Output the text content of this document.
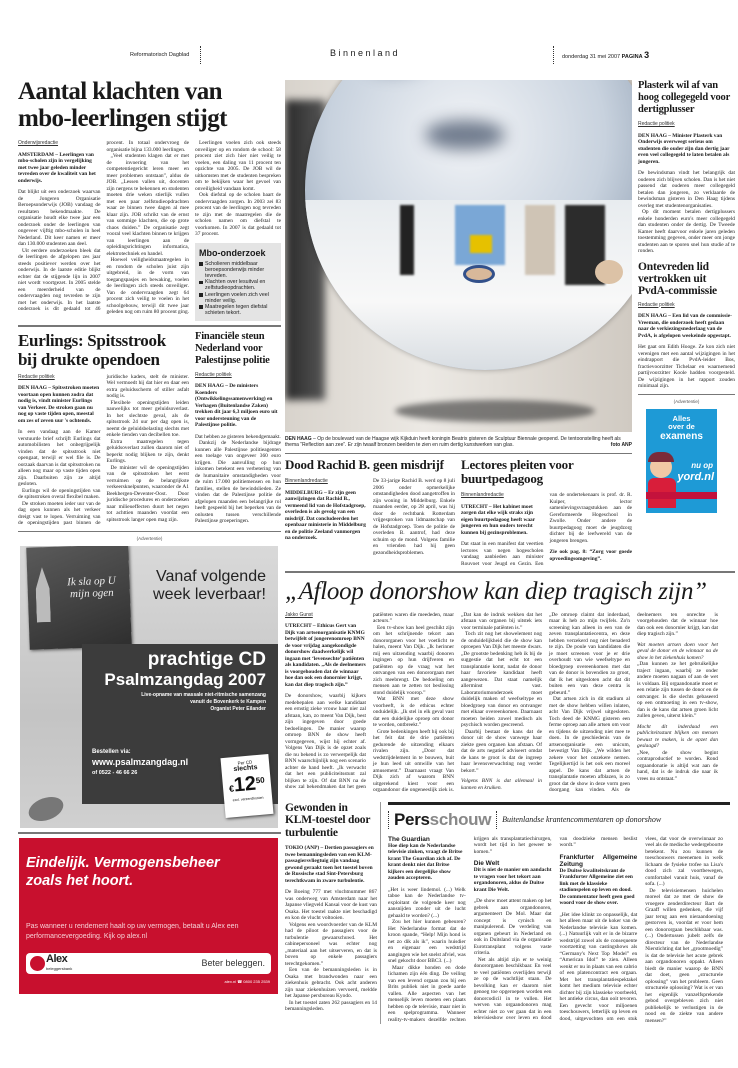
Reformatorisch Dagblad	Binnenland	donderdag 31 mei 2007 PAGINA 3
Aantal klachten van
mbo-leerlingen stijgt
Onderwijsredactie

AMSTERDAM – Leerlingen van mbo-scholen zijn in vergelijking met twee jaar geleden minder tevreden over de kwaliteit van het onderwijs.

Dat blijkt uit een onderzoek waarvan de Jongeren Organisatie Beroepsonderwijs (JOB) vandaag de resultaten bekendmaakte. De organisatie houdt elke twee jaar een onderzoek onder de leerlingen van ongeveer vijftig mbo-scholen in heel Nederland. Dit keer namen er meer dan 130.000 studenten aan deel.

Uit eerdere onderzoeken bleek dat de leerlingen de afgelopen zes jaar steeds positiever werden over het onderwijs. In de laatste editie blijkt echter dat de stijgende lijn in 2007 niet wordt voortgezet. In 2005 stelde een meerderheid van de ondervraagden nog tevreden te zijn met het onderwijs. In het laatste onderzoek is dit gedaald tot 46 procent. In totaal ondervroeg de organisatie bijna 133.000 leerlingen.

„Veel studenten klagen dat er met de invoering van het competentiegericht leren meer en meer problemen ontstaan”, aldus de JOB. „Lessen vallen uit, docenten zijn nergens te bekennen en studenten moeten drie weken stierlijk vullen met een paar zelfstudieopdrachten waar ze binnen twee dagen al mee klaar zijn. JOB schrikt van de ernst van sommige klachten, die op grote chaos duiden.” De organisatie zegt vooral veel klachten binnen te krijgen van leerlingen aan de opleidingsrichtingen informatica, elektrotechniek en handel.

Hoewel veiligheidsmaatregelen in en rondom de scholen juist zijn uitgebreid, in de vorm van toegangspasjes en bewaking, voelen de leerlingen zich steeds onveiliger. Van de ondervraagden zegt 64 procent zich veilig te voelen in het schoolgebouw, terwijl dit twee jaar geleden nog om ruim 80 procent ging.

Leerlingen voelen zich ook steeds onveiliger op en rondom de school: 58 procent ziet zich hier niet veilig te voelen, een daling van 11 procent ten opzichte van 2005. De JOB wil de uitkomsten met de studenten bespreken om te bekijken waar het gevoel van onveiligheid vandaan komt.

Ook diefstal op de scholen baart de ondervraagden zorgen. In 2003 zei 83 procent van de leerlingen nog tevreden te zijn met de maatregelen die de scholen namen om diefstal te voorkomen. In 2007 is dat gedaald tot 37 procent.

Mbo-onderzoek
Scholieren middelbaar beroepsonderwijs minder tevreden.
Klachten over lesuitval en zelfstudieopdrachten.
Leerlingen voelen zich veel minder veilig.
Maatregelen tegen diefstal schieten tekort.
Eurlings: Spitsstrook
bij drukte opendoen
Redactie politiek

DEN HAAG – Spitsstroken moeten voortaan open kunnen zodra dat nodig is, vindt minister Eurlings van Verkeer. De stroken gaan nu nog op vaste tijden open, meestal om zes of zeven uur 's ochtends.

In een vandaag aan de Kamer verstuurde brief schrijft Eurlings dat automobilisten het onbegrijpelijk vinden dat de spitsstrook niet opengaat, terwijl er wel file is. De oorzaak daarvan is dat spitsstroken nu alleen nog maar op vaste tijden open zijn. Daarbuiten zijn ze altijd gesloten.

Eurlings wil de openingstijden van de spitsstroken overal flexibel maken.

De stroken moeten ieder uur van de dag open kunnen als het verkeer dreigt vast te lopen. Verruiming van de openingstijden past binnen de juridische kaders, stelt de minister. Wel vermoedt hij dat hier en daar een extra geluidsscherm of stiller asfalt nodig is.

Flexibele openingstijden leiden nauwelijks tot meer geluidsoverlast. In het slechtste geval, als de spitsstrook 24 uur per dag open is, neemt de geluidsbelasting slechts met enkele tienden van decibellen toe.

Extra maatregelen tegen geluidsoverlast zullen daarom niet of beperkt nodig blijken te zijn, denkt Eurlings.

De minister wil de openingstijden van de spitsstroken het eerst verruimen op de belangrijkste verkeersknelpunten, waaronder de A1 Beekbergen-Deventer-Oost. Door juridische procedures en onderzoeken naar milieueffecten duurt het negen tot achttien maanden voordat een spitsstrook langer open mag zijn.

Financiële steun Nederland voor Palestijnse politie
Redactie politiek

DEN HAAG – De ministers Koenders (Ontwikkelingssamenwerking) en Verhagen (Buitenlandse Zaken) trekken dit jaar 6,3 miljoen euro uit voor ondersteuning van de Palestijnse politie.

Dat hebben ze gisteren bekendgemaakt.

Dankzij de Nederlandse bijdrage kunnen alle Palestijnse politieagenten een toelage van ongeveer 360 euro krijgen. Die aanvulling op hun inkomen betekent een verbetering van de humanitaire omstandigheden voor de ruim 17.000 politiemensen en hun families, stellen de bewindslieden. Ze vinden dat de Palestijnse politie de afgelopen maanden een belangrijke rol heeft gespeeld bij het beperken van de onlusten tussen verschillende Palestijnse groeperingen.

(Advertentie)
Ik sla op U mijn ogen
Vanaf volgende week leverbaar!
prachtige CD
Psalmzangdag 2007
Live-opname van massale niet-ritmische samenzang
vanuit de Bovenkerk te Kampen
Organist Peter Eilander
Bestellen via:
www.psalmzangdag.nl
of 0522 - 46 66 26
Per CD
slechts
$€12^{50}$
excl. verzendkosten
Eindelijk. Vermogensbeheer
zoals het hoort.
Pas wanneer u rendement haalt op uw vermogen, betaalt u Alex een performancevergoeding. Kijk op alex.nl
Alex
beleggersbank
Beter beleggen.
alex.nl ☎ 0800 235 2539
DEN HAAG – Op de boulevard van de Haagse wijk Kijkduin heeft koningin Beatrix gisteren de Sculptuur Biennale geopend. De tentoonstelling heeft als thema “Reflection aan zee”. Er zijn twaalf bronzen beelden te zien en ruim dertig kunstwerken van glas.	foto ANP
Dood Rachid B. geen misdrijf
Binnenlandredactie

MIDDELBURG – Er zijn geen aanwijzingen dat Rachid B., vermeend lid van de Hofstadgroep, overleden is als gevolg van een misdrijf. Dat concludeerden het openbaar ministerie in Middelburg en de politie Zeeland vanmorgen na onderzoek.

De 33-jarige Rachid B. werd op 8 juli 2006 onder opmerkelijke omstandigheden dood aangetroffen in zijn woning in Middelburg. Enkele maanden eerder, op 28 april, was hij door de rechtbank Rotterdam vrijgesproken van lidmaatschap van de Hofstadgroep. Toen de politie de overleden B. aantrof, had deze schuim op de mond. Volgens familie en vrienden had hij geen gezondheidsproblemen.

Lectores pleiten voor buurtpedagoog
Binnenlandredactie

UTRECHT – Het kabinet moet zorgen dat elke wijk straks zijn eigen buurtpedagoog heeft waar jongeren en hun ouders terecht kunnen bij gezinsproblemen.

Dat staat in een manifest dat veertien lectores van negen hogescholen vandaag aanbieden aan minister Rouvoet voor Jeugd en Gezin. Een van de ondertekenaars is prof. dr. R. Kuiper, lector samenlevingsvraagstukken aan de Gereformeerde Hogeschool in Zwolle. Onder andere de buurtpedagoog moet de jeugdzorg dichter bij de leefwereld van de jongeren brengen.

Zie ook pag. 8: “Zorg voor goede opvoedingsomgeving”.

Plasterk wil af van hoog collegegeld voor dertigplusser
Redactie politiek

DEN HAAG – Minister Plasterk van Onderwijs overweegt serieus om studenten die ouder zijn dan dertig jaar even veel collegegeld te laten betalen als jongeren.

De bewindsman vindt het belangrijk dat ouderen zich blijven scholen. Dan is het niet passend dat ouderen meer collegegeld betalen dan jongeren, zo verklaarde de bewindsman gisteren in Den Haag tijdens overleg met studentenorganisaties.

Op dit moment betalen dertigplussers enkele honderden euro's meer collegegeld dan studenten onder de dertig. De Tweede Kamer heeft daarvoor enkele jaren geleden toestemming gegeven, onder meer om jonge studenten aan te sporen snel hun studie af te ronden.

Ontevreden lid vertrokken uit PvdA-commissie
Redactie politiek

DEN HAAG – Een lid van de commissie-Vreeman, die onderzoek heeft gedaan naar de verkiezingsnederlaag van de PvdA, is afgelopen weekeinde opgestapt.

Het gaat om Edith Hooge. Ze kon zich niet verenigen met een aantal wijzigingen in het eindrapport die PvdA-leider Bos, fractievoorzitter Tichelaar en waarnemend partijvoorzitter Koole hadden voorgesteld. De wijzigingen in het rapport zouden minimaal zijn.

(Advertentie)
Alles
over de
examens
nu op
yord.nl
„Afloop donorshow kan diep tragisch zijn”
Jakko Gunst

UTRECHT – Ethicus Gert van Dijk van artsenorganisatie KNMG betwijfelt of jongerenomroep BNN de voor vrijdag aangekondigde donorshow daadwerkelijk wil ingaan met ‘levensechte’ patiënten als kandidaten. „Als de deelnemers is voorgehouden dat de winnaar hoe dan ook een donornier krijgt, kan dat diep tragisch zijn.”

De donorshow, waarbij kijkers medebepalen aan welke kandidaat een ernstig zieke vrouw haar nier zal afstaan, kan, zo meent Van Dijk, best zijn ingegeven door goede bedoelingen. De manier waarop omroep BNN de show heeft vormgegeven, wijst hij echter af. Volgens Van Dijk is de opzet zoals die nu bekend is zo verwerpelijk dat BNN waarschijnlijk nog een scenario achter de hand heeft. „Ik verwacht dat het een publiciteitsstunt zal blijken te zijn. Of dat BNN na de show zal bekendmaken dat het geen patiënten waren die meededen, maar acteurs.”

Een tv-show kan heel geschikt zijn om het schrijnende tekort aan donororganen voor het voetlicht te halen, meent Van Dijk. „Ik herinner mij een uitzending waarbij donoren ingingen op hun drijfveren en patiënten op de vraag wat het ontvangen van een donororgaan met zich meebrengt. De bedoeling om mensen aan te zetten tot beslissing stond duidelijk voorop.”

Wat BNN met deze show voorheeft, is de ethicus echter onduidelijk. „Ik stel in elk geval vast dat een duidelijke oproep om donor te worden, ontbreekt.”

Grote bedenkingen heeft hij ook bij het feit dat de drie patiënten gedurende de uitzending elkaars rivalen zijn. „Door dat wedstrijdelement in te bouwen, buit je hun leed uit omwille van het amusement.” Daarnaast vraagt Van Dijk zich af waarom BNN uitgerekend kiest voor een orgaandonor die ongeneeslijk ziek is. „Dat kan de indruk wekken dat het afstaan van organen bij uitstek iets voor terminale patiënten is.”

Toch zit nog het showelement nog de onduidelijkheid die de show kan oproepen Van Dijk het meeste dwars. „De grootste bedenking heb ik bij de suggestie dat het echt tot een transplantatie komt, nadat de donor haar favoriete kandidaat heeft aangewezen. Dat staat namelijk allerminst vast. Laboratoriumonderzoek moet duidelijk maken of weefseltype en bloedgroep van donor en ontvanger met elkaar overeenkomen. Daarnaast moeten beiden zowel medisch als psychisch worden gescreend.

Daarbij bestaat de kans dat de donor uit de show vanwege haar ziekte geen organen kan afstaan. Of dat de arts negatief adviseert omdat de kans te groot is dat de ingreep haar levensverwachting nog verder bekort.”

Volgens BNN is dat allemaal in kannen en kruiken.

„De omroep claimt dat inderdaad, maar ik heb zo mijn twijfels. Zo'n screening kan alleen in een van de zeven transplantatiecentra, en deze hebben verzekerd nog niet benaderd te zijn. De poule van kandidaten die je moet screenen voor je er drie overhoudt van wie weefseltype en bloedgroep overeenkomen met dat van de donor is bovendien zo groot, dat ik het uitgesloten acht dat dit buiten een van deze centra is gebeurd.”

Dat artsen zich in dit stadium al met de show hebben willen inlaten, acht Van Dijk vrijwel uitgesloten. Toch deed de KNMG gisteren een ferme oproep aan alle artsen om voor en tijdens de uitzending niet mee te doen. In de geschiedenis van de artsenorganisatie een unicum, bevestigt Van Dijk. „We wilden het zekere voor het onzekere nemen. Tegelijkertijd is het ook een moreel appel. De kans dat artsen de transplantatie moeten afblazen, is zo groot dat de show in deze vorm geen doorgang kan vinden. Als de deelnemers ten onrechte is voorgehouden dat de winnaar hoe dan ook een donornier krijgt, kan dat diep tragisch zijn.”

Wat moeten artsen doen voor het geval de donor en de winnaar na de show in het ziekenhuis komen?

„Dan kunnen ze het gebruikelijke traject ingaan, waarbij ze onder andere moeten nagaan of aan de wet is voldaan. Bij orgaandonatie moet er een relatie zijn tussen de donor en de ontvanger. Is die slechts gebaseerd op een ontmoeting in een tv-show, dan is de kans dat artsen groen licht zullen geven, uiterst klein.”

Mocht dit inderdaad een publiciteitsstunt blijken om mensen bewust te maken, is de opzet dan geslaagd?

„Nee, de show begint contraproductief te worden. Rond orgaandonatie is altijd wat aan de hand, dat is de indruk die naar ik vrees nu ontstaat.”

Gewonden in KLM-toestel door turbulentie

TOKIO (ANP) – Dertien passagiers en twee bemanningsleden van een KLM-passagiersvliegtuig zijn vandaag gewond geraakt toen het toestel boven de Russische stad Sint-Petersburg terechtkwam in zware turbulentie.

De Boeing 777 met vluchtnummer 867 was onderweg van Amsterdam naar het Japanse vliegveld Kansai voor de kust van Osaka. Het toestel raakte niet beschadigd en kon de vlucht voltooien.

Volgens een woordvoerder van de KLM had de piloot de passagiers voor de turbulentie gewaarschuwd. Het cabinepersoneel was echter nog „materiaal aan het uitserveren, en dat is boven op enkele passagiers terechtgekomen.”

Een van de bemanningsleden is in Osaka met brandwonden naar een ziekenhuis gebracht. Ook acht anderen zijn naar ziekenhuizen vervoerd, meldde het Japanse persbureau Kyodo.

In het toestel zaten 262 passagiers en 14 bemanningsleden.

Persschouw Buitenlandse krantencommentaren op donorshow
The Guardian

Hoe diep kan de Nederlandse televisie zinken, vraagt de Britse krant The Guardian zich af. De krant denkt niet dat Britse kijkers een dergelijke show zouden accepteren.

„Het is weer lindemol. (...) Welk taboe kan de Nederlandse tv-exploitant de volgende keer nog aansnijden zonder uit de lucht gehaald te worden? (...)

Zou het hier kunnen gebeuren? Het Nederlandse format dat de kroon spande, “Help! Mijn hond is net zo dik als ik”, waarin huisdier en eigenaar een wedstrijd aangingen wie het snelst afviel, was snel gekocht door BBC3. (...)

Maar dikke honden en dode lichamen zijn één ding. De veiling van een levend orgaan zou bij een Brits publiek niet in goede aarde vallen. Alle aspecten van het menselijk leven moeten een plaats hebben op de televisie, maar niet in een spelprogramma. Wanneer reality-tv-makers dezelfde rechten krijgen als transplantatiechirurgen, wordt het tijd in het geweer te komen.”

Die Welt

Dit is niet de manier om aandacht te vragen voor het tekort aan organdonoren, aldus de Duitse krant Die Welt.

„De show moet attent maken op het gebrek aan organdonoren, argumenteert De Mol. Maar dat concept is cynisch en manipulerend. De verdeling van organen gebeurt in Nederland en ook in Duitsland via de organisatie Eurotransplant volgens vaste criteria.

Net als altijd zijn er te weinig donororganen beschikbaar. En veel te veel patiënten overlijden terwijl ze op de wachtlijst staan. De bevolking kan er daarom niet genoeg toe opgeroepen worden een donorcodicil in te vullen. Het werven van orgaandonoren mag echter niet zo ver gaan dat in een televisieshow over leven en dood van doodzieke mensen beslist wordt.”

Frankfurter Allgemeine Zeitung

De Duitse kwaliteitskrant de Frankfurter Allgemeine ziet een link met de klassieke stadionspelen op leven en dood. De commentator heeft geen goed woord voor de show over.

„Het idee klinkt zo onpasselijk, dat het alleen maar uit de koker van de Nederlandse televisie kan komen. (...) Natuurlijk valt er in de bizarre wedstrijd zowel als de consequente voortzetting van castingshows als “Germany's Next Top Model” en “American Idol” te zien. Alleen wenkt er nu in plaats van een cabrio of een platencontract een orgaan. Met het transplantatiespektakel komt het medium televisie echter dichter bij zijn klassieke voorbeeld, het antieke circus, dan ooit tevoren. Een gevecht voor miljoenen toeschouwers, letterlijk op leven en dood, uitgevochten om een stuk vlees, dat voor de overwinnaar zo veel als de medische wedergeboorte betekent. Nu zou kunnen de toeschouwers meenemen in welk lichaam de fysieke trofee na Lisa's dood zich zal voortbewegen, comfortabel vanuit huis, vanaf de sofa. (...)

De televisiemensen huichelen moreel dat ze met de show de vroegere zenderdirecteur Bart de Graaff willen gedenken, die vijf jaar terug aan een nieraandoening gestorven is, voordat er voor hem een donororgaan beschikbaar was. (...) Ondertussen jubelt zelfs de directeur van de Nederlandse Nierstichting dat het „grootmoedig” is dat de televisie het acute gebrek aan organdonoren oppakt. Alleen biedt de manier waarop de BNN dat doet, geen „structurele oplossing” van het probleem. Geen structurele oplossing? Wat is er van het eigenlijk vanzelfsprekende gebod overgebleven zich niet publiekelijk te verlustigen in de nood en de ziekte van andere mensen?”
